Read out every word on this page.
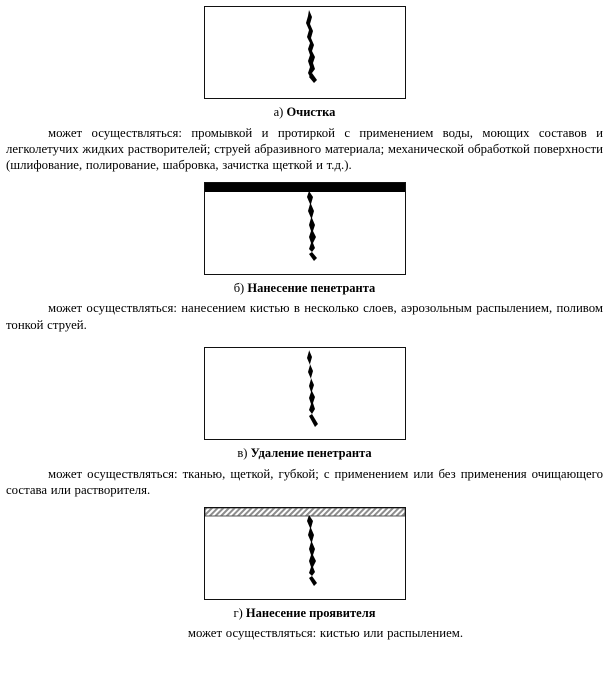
а) Очистка
может осуществляться: промывкой и протиркой с применением воды, моющих составов и легколетучих жидких растворителей; струей абразивного материала; механической обработкой поверхности (шлифование, полирование, шабровка, зачистка щеткой и т.д.).
б) Нанесение пенетранта
может осуществляться: нанесением кистью в несколько слоев, аэрозольным распылением, поливом тонкой струей.
в) Удаление пенетранта
может осуществляться: тканью, щеткой, губкой; с применением или без применения очищающего состава или растворителя.
г) Нанесение проявителя
может осуществляться: кистью или распылением.
